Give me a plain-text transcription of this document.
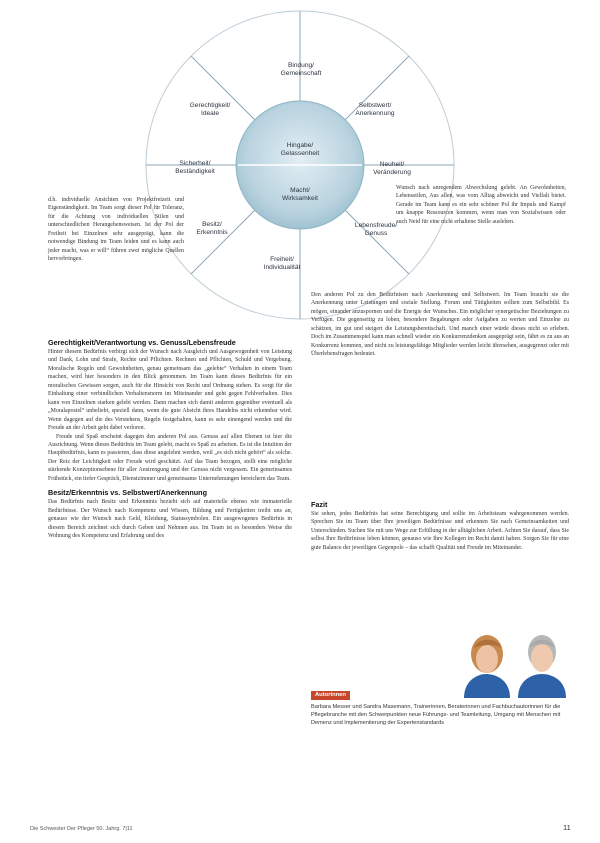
Bindung/
Gemeinschaft
Selbstwert/
Anerkennung
Neuheit/
Veränderung
Lebensfreude/
Genuss
Freiheit/
Individualität
Besitz/
Erkenntnis
Sicherheit/
Beständigkeit
Gerechtigkeit/
Ideale
Hingabe/
Gelassenheit
Macht/
Wirksamkeit

d.h. individuelle Ansichten von Projektfreizeit und Eigenständigkeit. Im Team sorgt dieser Pol für Toleranz, für die Achtung von individuellen Stilen und unterschiedlichen Herangehensweisen. Ist der Pol der Freiheit bei Einzelnen sehr ausgeprägt, kann die notwendige Bindung im Team leiden und es kann auch jeder macht, was er will“ führen zwei mögliche Quellen hervorbringen.

Wunsch nach anregendem Abwechslung gelebt. An Gewohnheiten, Lebensstilen, Aus allen, was vom Alltag abweicht und Vielfalt bietet. Gerade im Team kann es ein sehr schöner Pol ihr Impuls und Kampf um knappe Ressourcen kommen, wenn man von Sozialwissen oder auch Neid für eine nicht erhaltene Stelle ausleben.

Den anderen Pol zu den Bedürfnisen nach Anerkennung und Selbstwert. Im Team braucht sie die Anerkennung unter Leistungen und soziale Stellung. Forum und Tätigkeiten sollten zum Selbstbild. Es mögen, einander anzuspornen und die Energie der Wunsches. Ein möglicher synergetischer Beziehungen zu Verfügen. Die gegenseitig zu loben, besondere Begabungen oder Aufgaben zu werten und Einzelne zu schätzen, im gut und steigert die Leistungsbereitschaft. Und manch einer würde dieses nicht so erleben. Doch im Zusammenspiel kann man schnell wieder ein Konkurrenzdenken ausgeprägt sein, fährt es zu aus an Konkurrenz kommen, und nicht zu leistungsfähige Mitglieder werden leicht übersehen, ausgegrenzt oder mit Überlebensfragen bedeutet.

Gerechtigkeit/Verantwortung vs. Genuss/Lebensfreude

Hinter diesem Bedürfnis verbirgt sich der Wunsch nach Ausgleich und Ausgewogenheit von Leistung und Dank, Lohn und Strafe, Rechte und Pflichten. Rechnen und Pflichten, Schuld und Vergebung. Moralische Regeln und Gewohnheiten, genau gemeinsam das „gelebte“ Verhalten in einem Team machen, wird hier besonders in den Blick genommen. Im Team kann dieses Bedürfnis für ein moralisches Gewissen sorgen, auch für die Hinsicht von Recht und Ordnung stehen. Es sorgt für die Einhaltung einer verbindlichen Verhaltensnorm im Miteinander und geht gegen Fehlverhalten. Dies kann von Einzelnen starken gelebt werden. Dann machen sich damit anderen gegenüber eventuell als „Moralapostel“ unbeliebt, speziell dann, wenn die gute Absicht ihres Handelns nicht erkennbar wird. Wenn dagegen auf die des Verstehens, Regeln festgehalten, kann es sehr einengend werden und die Freude an der Arbeit geht dabei verloren.

Freude und Spaß erscheint dagegen den anderen Pol aus. Genuss auf allen Ebenen ist hier die Ausrichtung. Wenn dieses Bedürfnis im Team gelebt, macht es Spaß zu arbeiten. Es ist die Intuition der Hauptbedürfnis, kann es passieren, dass diese angelehnt werden, weil „es sich nicht gehört“ als solche. Der Reiz der Leichtigkeit oder Freude wird geschätzt. Auf das Team bezogen, stellt eine mögliche stärkende Konzeptionsebene für aller Anstrengung und der Genuss nicht vergessen. Ein gemeinsames Frühstück, ein tiefer Gespräch, Dienstzimmer und gemeinsame Unternehmungen bereichern das Team.

Besitz/Erkenntnis vs. Selbstwert/Anerkennung

Das Bedürfnis nach Besitz und Erkenntnis bezieht sich auf materielle ebenso wie immaterielle Bedürfnisse. Der Wunsch nach Kompetenz und Wissen, Bildung und Fertigkeiten treibt uns an, genauso wie der Wunsch nach Geld, Kleidung, Statussymbolen. Ein ausgewogenes Bedürfnis in diesem Bereich zeichnet sich durch Geben und Nehmen aus. Im Team ist es besonders Weise die Wohnung des Kompetenz und Erfahrung und des

Fazit

Sie sehen, jedes Bedürfnis hat seine Berechtigung und sollte im Arbeitsteam wahrgenommen werden. Sprechen Sie im Team über Ihre jeweiligen Bedürfnisse und erkennen Sie nach Gemeinsamkeiten und Unterschieden. Suchen Sie mit uns Wege zur Erfüllung in der alltäglichen Arbeit. Achten Sie darauf, dass Sie selbst Ihre Bedürfnisse leben können, genauso wie Ihre Kollegen im Recht damit haben. Sorgen Sie für eine gute Balance der jeweiligen Gegenpole – das schafft Qualität und Freude im Miteinander.

Autorinnen
Barbara Messer und Sandra Masemann, Trainerinnen, Beraterinnen und Fachbuchautorinnen für die Pflegebranche mit den Schwerpunkten neue Führungs- und Teamleitung, Umgang mit Menschen mit Demenz und Implementierung der Expertenstandards
Die Schwester Der Pfleger 50. Jahrg. 7|11	11
